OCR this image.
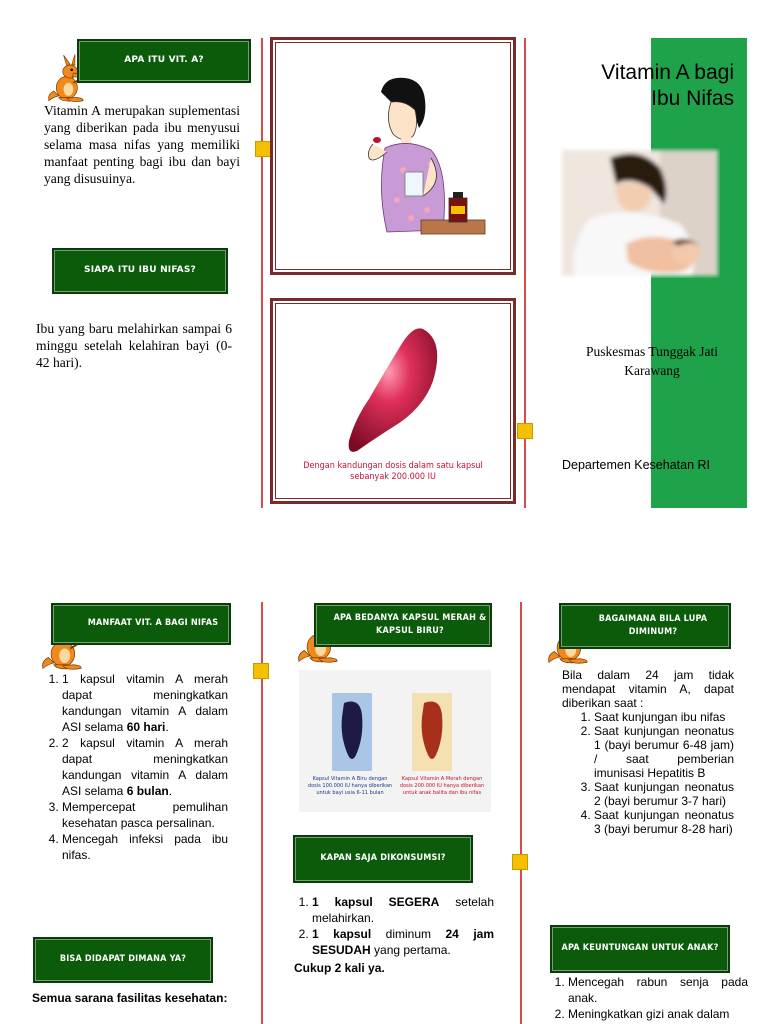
APA ITU VIT. A?
Vitamin A merupakan suplementasi yang diberikan pada ibu menyusui selama masa nifas yang memiliki manfaat penting bagi ibu dan bayi yang disusuinya.
SIAPA ITU IBU NIFAS?
Ibu yang baru melahirkan sampai 6 minggu setelah kelahiran bayi (0-42 hari).
Dengan kandungan dosis dalam satu kapsul sebanyak 200.000 IU
Vitamin A bagi
Ibu Nifas
Puskesmas Tunggak Jati
Karawang
Departemen Kesehatan RI
MANFAAT VIT. A BAGI NIFAS
1. 1 kapsul vitamin A merah dapat meningkatkan kandungan vitamin A dalam ASI selama 60 hari.
2. 2 kapsul vitamin A merah dapat meningkatkan kandungan vitamin A dalam ASI selama 6 bulan.
3. Mempercepat pemulihan kesehatan pasca persalinan.
4. Mencegah infeksi pada ibu nifas.
BISA DIDAPAT DIMANA YA?
Semua sarana fasilitas kesehatan:
APA BEDANYA KAPSUL MERAH & KAPSUL BIRU?
Kapsul Vitamin A Biru dengan dosis 100.000 IU hanya diberikan untuk bayi usia 6-11 bulan
Kapsul Vitamin A Merah dengan dosis 200.000 IU hanya diberikan untuk anak balita dan ibu nifas
KAPAN SAJA DIKONSUMSI?
1. 1 kapsul SEGERA setelah melahirkan.
2. 1 kapsul diminum 24 jam SESUDAH yang pertama.
Cukup 2 kali ya.
BAGAIMANA BILA LUPA DIMINUM?
Bila dalam 24 jam tidak mendapat vitamin A, dapat diberikan saat :
1. Saat kunjungan ibu nifas
2. Saat kunjungan neonatus 1 (bayi berumur 6-48 jam) / saat pemberian imunisasi Hepatitis B
3. Saat kunjungan neonatus 2 (bayi berumur 3-7 hari)
4. Saat kunjungan neonatus 3 (bayi berumur 8-28 hari)
APA KEUNTUNGAN UNTUK ANAK?
1. Mencegah rabun senja pada anak.
2. Meningkatkan gizi anak dalam
